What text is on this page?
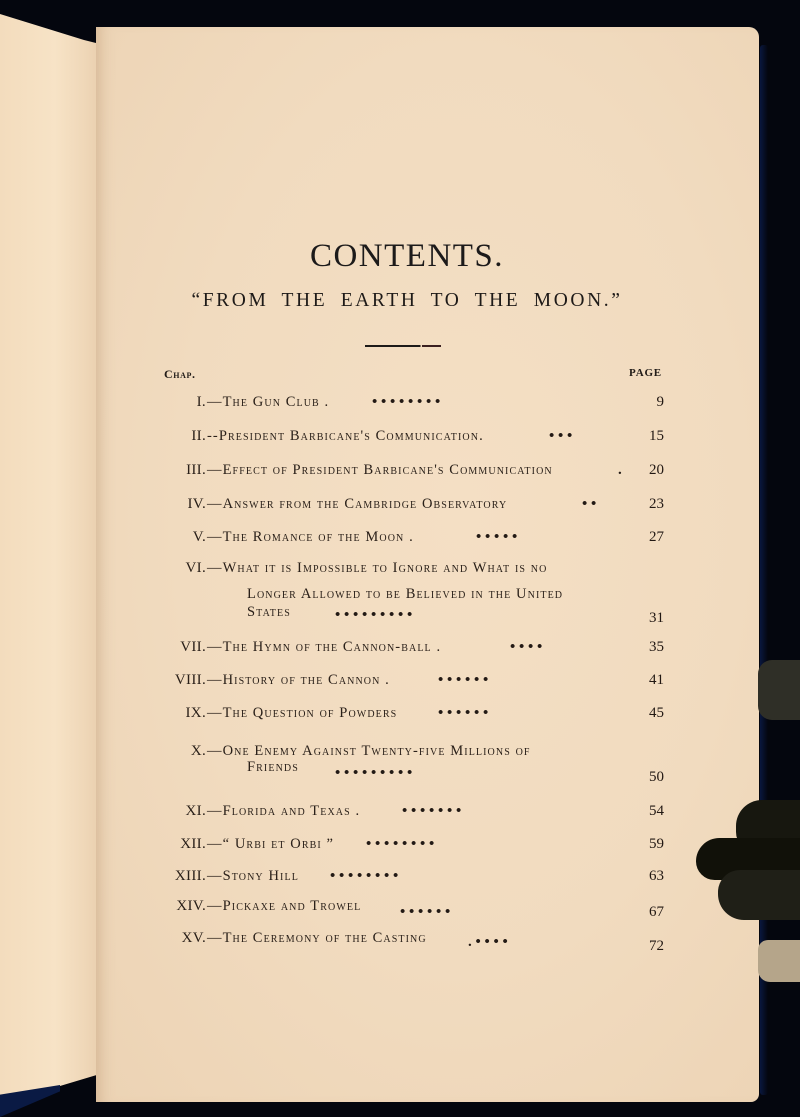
CONTENTS.
“FROM THE EARTH TO THE MOON.”
Chap.	PAGE
I. —The Gun Club .	• • • • • • • •	9
II. --President Barbicane's Communication.	• • •	15
III. —Effect of President Barbicane's Communication	.	20
IV. —Answer from the Cambridge Observatory	• •	23
V. —The Romance of the Moon .	• • • • •	27
VI. —What it is Impossible to Ignore and What is no
Longer Allowed to be Believed in the United
States	• • • • • • • • •	31
VII. —The Hymn of the Cannon-ball .	• • • •	35
VIII. —History of the Cannon .	• • • • • •	41
IX. —The Question of Powders	• • • • • •	45
X. —One Enemy Against Twenty-five Millions of
Friends • • • • • • • • •	50
XI. —Florida and Texas .	• • • • • • •	54
XII. —“ Urbi et Orbi ” • • • • • • • •	59
XIII. —Stony Hill • • • • • • • •	63
XIV. —Pickaxe and Trowel	• • • • • •	67
XV. —The Ceremony of the Casting	. • • • •	72
